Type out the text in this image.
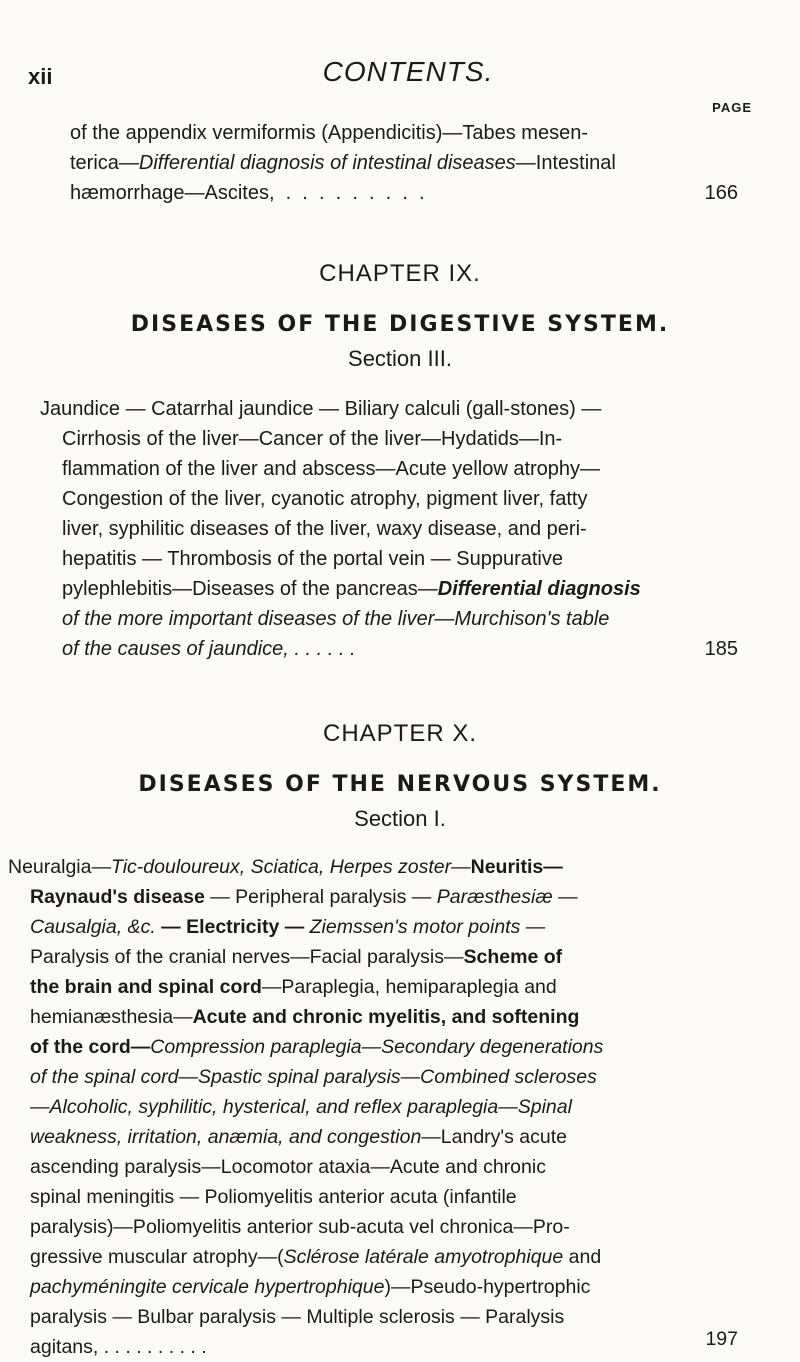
xii	CONTENTS.
PAGE
of the appendix vermiformis (Appendicitis)—Tabes mesen-
terica—Differential diagnosis of intestinal diseases—Intestinal
hæmorrhage—Ascites,  .  .  .  .  .  .  .  .  .	166
CHAPTER IX.
DISEASES OF THE DIGESTIVE SYSTEM.
Section III.
Jaundice — Catarrhal jaundice — Biliary calculi (gall-stones) —
Cirrhosis of the liver—Cancer of the liver—Hydatids—In-
flammation of the liver and abscess—Acute yellow atrophy—
Congestion of the liver, cyanotic atrophy, pigment liver, fatty
liver, syphilitic diseases of the liver, waxy disease, and peri-
hepatitis — Thrombosis of the portal vein — Suppurative
pylephlebitis—Diseases of the pancreas—Differential diagnosis
of the more important diseases of the liver—Murchison's table
of the causes of jaundice, . . . . . .	185
CHAPTER X.
DISEASES OF THE NERVOUS SYSTEM.
Section I.
Neuralgia—Tic-douloureux, Sciatica, Herpes zoster—Neuritis—
Raynaud's disease — Peripheral paralysis — Paræsthesiæ —
Causalgia, &c. — Electricity — Ziemssen's motor points —
Paralysis of the cranial nerves—Facial paralysis—Scheme of
the brain and spinal cord—Paraplegia, hemiparaplegia and
hemianæsthesia—Acute and chronic myelitis, and softening
of the cord—Compression paraplegia—Secondary degenerations
of the spinal cord—Spastic spinal paralysis—Combined scleroses
—Alcoholic, syphilitic, hysterical, and reflex paraplegia—Spinal
weakness, irritation, anæmia, and congestion—Landry's acute
ascending paralysis—Locomotor ataxia—Acute and chronic
spinal meningitis — Poliomyelitis anterior acuta (infantile
paralysis)—Poliomyelitis anterior sub-acuta vel chronica—Pro-
gressive muscular atrophy—(Sclérose latérale amyotrophique and
pachyméningite cervicale hypertrophique)—Pseudo-hypertrophic
paralysis — Bulbar paralysis — Multiple sclerosis — Paralysis
agitans, . . . . . . . . . .	197
